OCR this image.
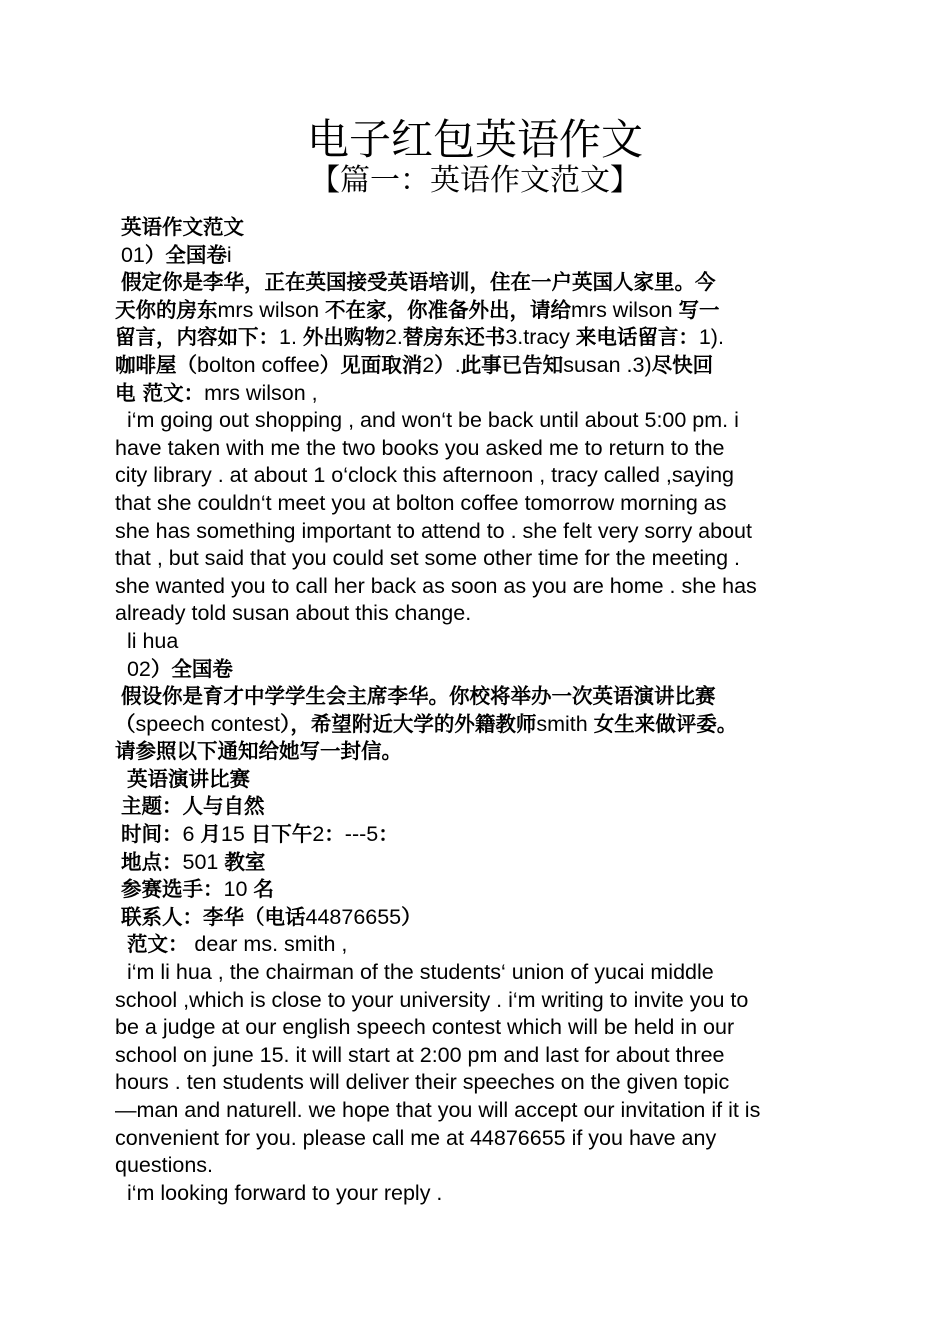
电子红包英语作文
【篇一：英语作文范文】
英语作文范文
01）全国卷i
假定你是李华，正在英国接受英语培训，住在一户英国人家里。今
天你的房东mrs wilson 不在家，你准备外出，请给mrs wilson 写一
留言，内容如下：1. 外出购物2.替房东还书3.tracy 来电话留言：1).
咖啡屋（bolton coffee）见面取消2）.此事已告知susan .3)尽快回
电 范文：mrs wilson ,
i‘m going out shopping , and won‘t be back until about 5:00 pm. i
have taken with me the two books you asked me to return to the
city library . at about 1 o‘clock this afternoon , tracy called ,saying
that she couldn‘t meet you at bolton coffee tomorrow morning as
she has something important to attend to . she felt very sorry about
that , but said that you could set some other time for the meeting .
she wanted you to call her back as soon as you are home . she has
already told susan about this change.
li hua
02）全国卷
假设你是育才中学学生会主席李华。你校将举办一次英语演讲比赛
（speech contest），希望附近大学的外籍教师smith 女生来做评委。
请参照以下通知给她写一封信。
英语演讲比赛
主题：人与自然
时间：6 月15 日下午2：---5：
地点：501 教室
参赛选手：10 名
联系人：李华（电话44876655）
范文： dear ms. smith ,
i‘m li hua , the chairman of the students‘ union of yucai middle
school ,which is close to your university . i‘m writing to invite you to
be a judge at our english speech contest which will be held in our
school on june 15. it will start at 2:00 pm and last for about three
hours . ten students will deliver their speeches on the given topic
—man and naturell. we hope that you will accept our invitation if it is
convenient for you. please call me at 44876655 if you have any
questions.
i‘m looking forward to your reply .
